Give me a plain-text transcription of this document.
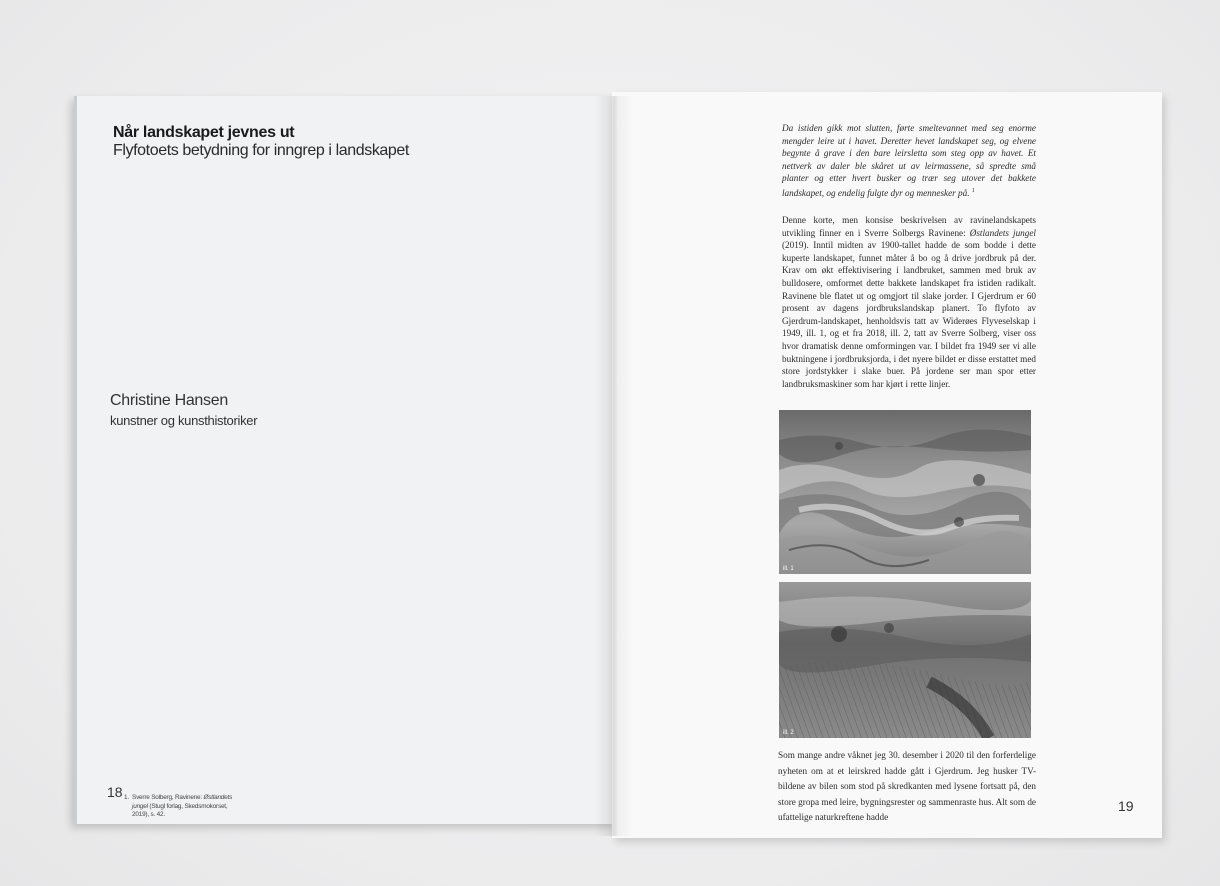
Når landskapet jevnes ut
Flyfotoets betydning for inngrep i landskapet
Christine Hansen
kunstner og kunsthistoriker
18
Da istiden gikk mot slutten, førte smeltevannet med seg enorme mengder leire ut i havet. Deretter hevet landskapet seg, og elvene begynte å grave i den bare leirsletta som steg opp av havet. Et nettverk av daler ble skåret ut av leirmassene, så spredte små planter og etter hvert busker og trær seg utover det bakkete landskapet, og endelig fulgte dyr og mennesker på. $^1$
Denne korte, men konsise beskrivelsen av ravinelandskapets utvikling finner en i Sverre Solbergs Ravinene: Østlandets jungel (2019). Inntil midten av 1900-tallet hadde de som bodde i dette kuperte landskapet, funnet måter å bo og å drive jordbruk på der. Krav om økt effektivisering i landbruket, sammen med bruk av bulldosere, omformet dette bakkete landskapet fra istiden radikalt. Ravinene ble flatet ut og omgjort til slake jorder. I Gjerdrum er 60 prosent av dagens jordbrukslandskap planert. To flyfoto av Gjerdrum-landskapet, henholdsvis tatt av Widerøes Flyveselskap i 1949, ill. 1, og et fra 2018, ill. 2, tatt av Sverre Solberg, viser oss hvor dramatisk denne omformingen var. I bildet fra 1949 ser vi alle buktningene i jordbruksjorda, i det nyere bildet er disse erstattet med store jordstykker i slake buer. På jordene ser man spor etter landbruksmaskiner som har kjørt i rette linjer.
ill. 1
ill. 2
Som mange andre våknet jeg 30. desember i 2020 til den forferdelige nyheten om at et leirskred hadde gått i Gjerdrum. Jeg husker TV-bildene av bilen som stod på skredkanten med lysene fortsatt på, den store gropa med leire, bygningsrester og sammenraste hus. Alt som de ufattelige naturkreftene hadde
19
1. Sverre Solberg, Ravinene: Østlandets jungel (Stugl forlag, Skedsmokorset, 2019), s. 42.
